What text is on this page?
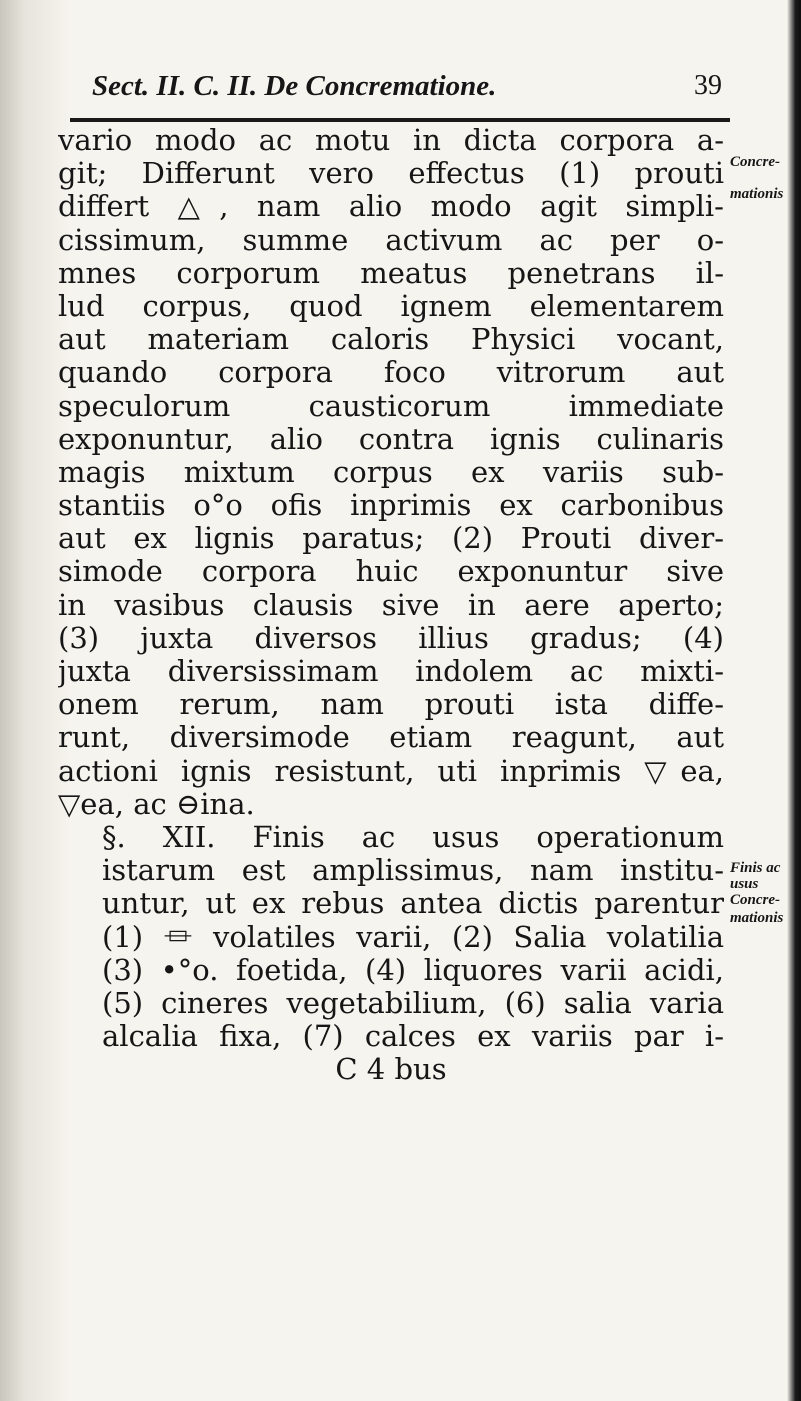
Sect. II. C. II. De Concrematione.	39
vario modo ac motu in dicta corpora a-
git; Differunt vero effectus (1) prouti
differt △, nam alio modo agit simpli-
cissimum, summe activum ac per o-
mnes corporum meatus penetrans il-
lud corpus, quod ignem elementarem
aut materiam caloris Physici vocant,
quando corpora foco vitrorum aut
speculorum causticorum immediate
exponuntur, alio contra ignis culinaris
magis mixtum corpus ex variis sub-
stantiis o°o ofis inprimis ex carbonibus
aut ex lignis paratus; (2) Prouti diver-
simode corpora huic exponuntur sive
in vasibus clausis sive in aere aperto;
(3) juxta diversos illius gradus; (4)
juxta diversissimam indolem ac mixti-
onem rerum, nam prouti ista diffe-
runt, diversimode etiam reagunt, aut
actioni ignis resistunt, uti inprimis ▽ea,
▽ea, ac ⊖ina.
§. XII. Finis ac usus operationum
istarum est amplissimus, nam institu-
untur, ut ex rebus antea dictis parentur
(1) ⏛ volatiles varii, (2) Salia volatilia
(3) •°o. foetida, (4) liquores varii acidi,
(5) cineres vegetabilium, (6) salia varia
alcalia fixa, (7) calces ex variis par i-
C 4 bus
Concre-
mationis
Finis ac
usus
Concre-
mationis
